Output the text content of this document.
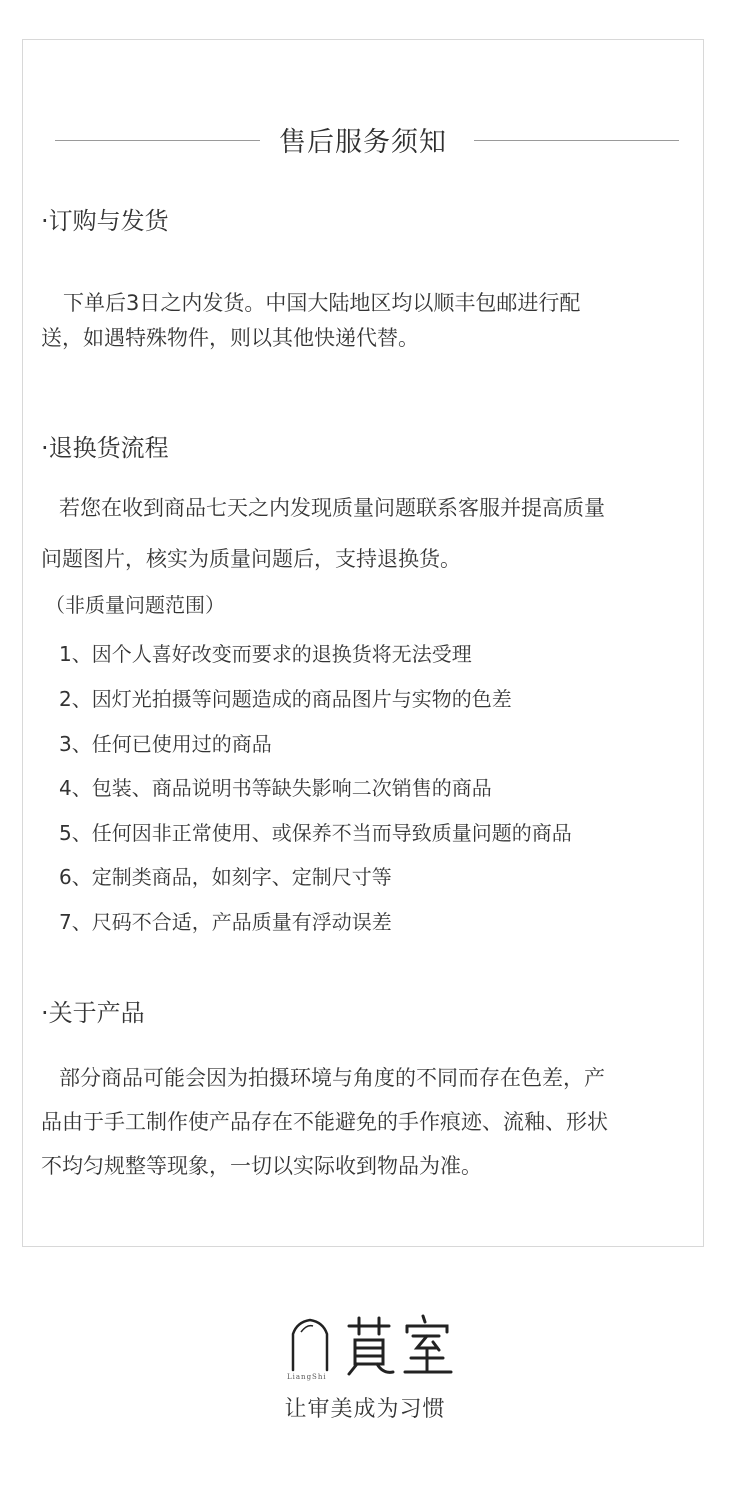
售后服务须知
·订购与发货
下单后3日之内发货。中国大陆地区均以顺丰包邮进行配
送，如遇特殊物件，则以其他快递代替。
·退换货流程
若您在收到商品七天之内发现质量问题联系客服并提高质量
问题图片，核实为质量问题后，支持退换货。
（非质量问题范围）
1、因个人喜好改变而要求的退换货将无法受理
2、因灯光拍摄等问题造成的商品图片与实物的色差
3、任何已使用过的商品
4、包装、商品说明书等缺失影响二次销售的商品
5、任何因非正常使用、或保养不当而导致质量问题的商品
6、定制类商品，如刻字、定制尺寸等
7、尺码不合适，产品质量有浮动误差
·关于产品
部分商品可能会因为拍摄环境与角度的不同而存在色差，产
品由于手工制作使产品存在不能避免的手作痕迹、流釉、形状
不均匀规整等现象，一切以实际收到物品为准。
LiangShi
让审美成为习惯
